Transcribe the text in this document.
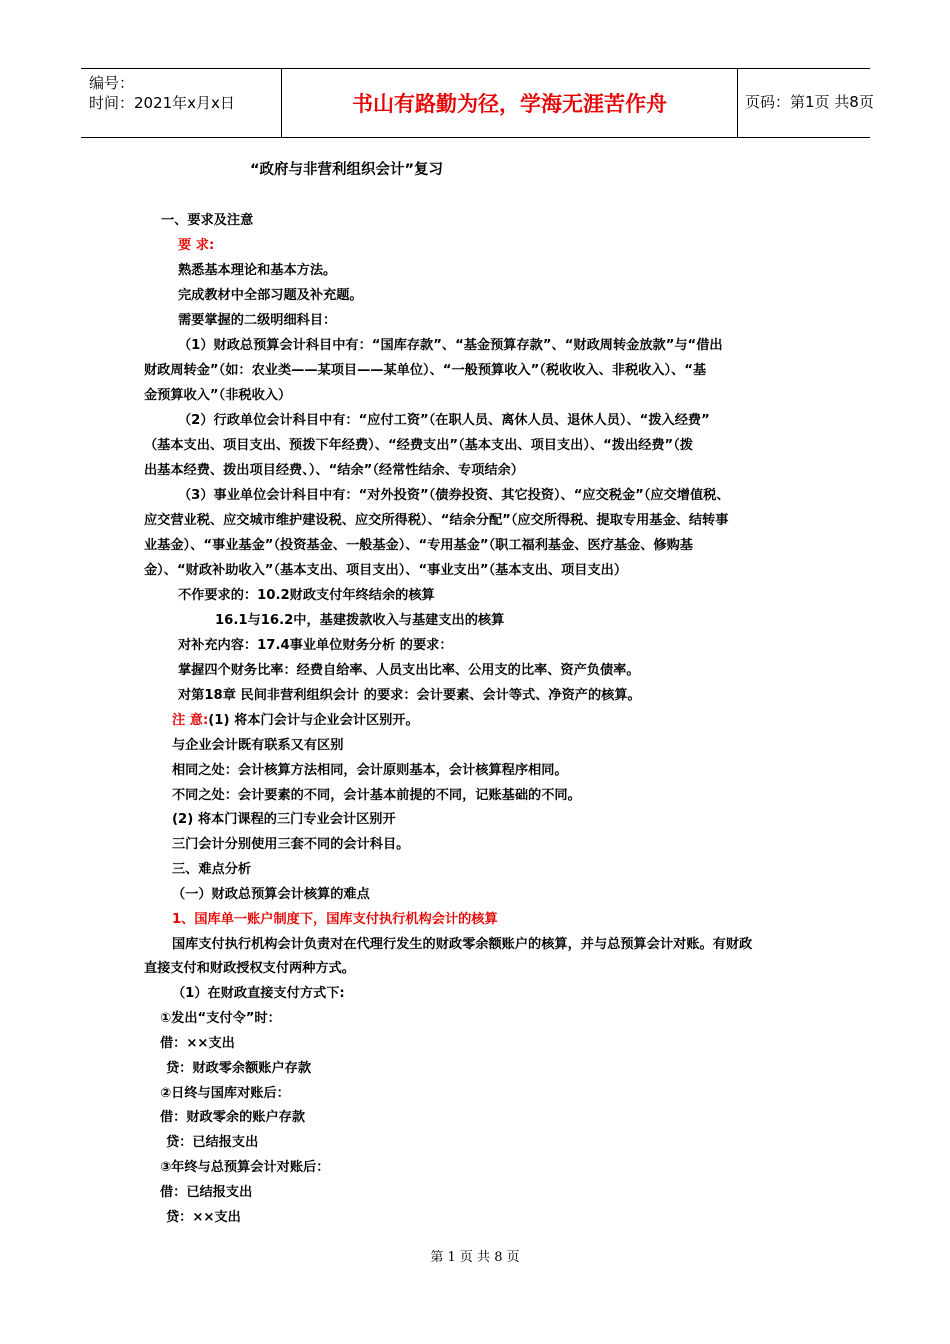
编号：
时间：2021年x月x日	书山有路勤为径，学海无涯苦作舟	页码：第1页 共8页
“政府与非营利组织会计”复习
一、要求及注意
要 求:
熟悉基本理论和基本方法。
完成教材中全部习题及补充题。
需要掌握的二级明细科目：
（1）财政总预算会计科目中有：“国库存款”、“基金预算存款”、“财政周转金放款”与“借出
财政周转金”（如：农业类——某项目——某单位）、“一般预算收入”（税收收入、非税收入）、“基
金预算收入”（非税收入）
（2）行政单位会计科目中有：“应付工资”（在职人员、离休人员、退休人员）、“拨入经费”
（基本支出、项目支出、预拨下年经费）、“经费支出”（基本支出、项目支出）、“拨出经费”（拨
出基本经费、拨出项目经费、）、“结余”（经常性结余、专项结余）
（3）事业单位会计科目中有：“对外投资”（债券投资、其它投资）、“应交税金”（应交增值税、
应交营业税、应交城市维护建设税、应交所得税）、“结余分配”（应交所得税、提取专用基金、结转事
业基金）、“事业基金”（投资基金、一般基金）、“专用基金”（职工福利基金、医疗基金、修购基
金）、“财政补助收入”（基本支出、项目支出）、“事业支出”（基本支出、项目支出）
不作要求的：10.2财政支付年终结余的核算
16.1与16.2中，基建拨款收入与基建支出的核算
对补充内容：17.4事业单位财务分析 的要求：
掌握四个财务比率：经费自给率、人员支出比率、公用支的比率、资产负债率。
对第18章 民间非营利组织会计 的要求：会计要素、会计等式、净资产的核算。
注 意:(1) 将本门会计与企业会计区别开。
与企业会计既有联系又有区别
相同之处：会计核算方法相同，会计原则基本，会计核算程序相同。
不同之处：会计要素的不同，会计基本前提的不同，记账基础的不同。
(2) 将本门课程的三门专业会计区别开
三门会计分别使用三套不同的会计科目。
三、难点分析
（一）财政总预算会计核算的难点
1、国库单一账户制度下，国库支付执行机构会计的核算
国库支付执行机构会计负责对在代理行发生的财政零余额账户的核算，并与总预算会计对账。有财政
直接支付和财政授权支付两种方式。
（1）在财政直接支付方式下:
①发出“支付令”时：
借：××支出
贷：财政零余额账户存款
②日终与国库对账后：
借：财政零余的账户存款
贷：已结报支出
③年终与总预算会计对账后：
借：已结报支出
贷：××支出
第 1 页 共 8 页
